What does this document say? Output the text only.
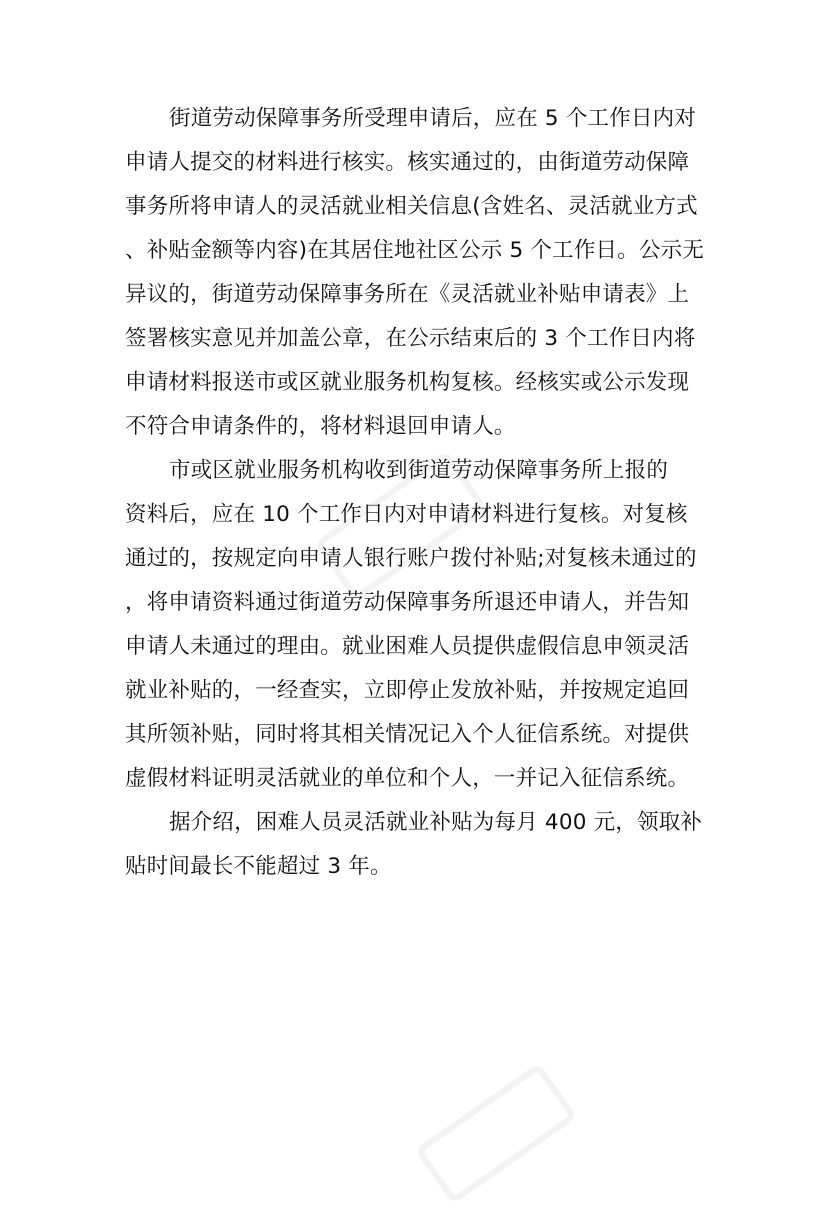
街道劳动保障事务所受理申请后，应在 5 个工作日内对
申请人提交的材料进行核实。核实通过的，由街道劳动保障
事务所将申请人的灵活就业相关信息(含姓名、灵活就业方式
、补贴金额等内容)在其居住地社区公示 5 个工作日。公示无
异议的，街道劳动保障事务所在《灵活就业补贴申请表》上
签署核实意见并加盖公章，在公示结束后的 3 个工作日内将
申请材料报送市或区就业服务机构复核。经核实或公示发现
不符合申请条件的，将材料退回申请人。
市或区就业服务机构收到街道劳动保障事务所上报的
资料后，应在 10 个工作日内对申请材料进行复核。对复核
通过的，按规定向申请人银行账户拨付补贴;对复核未通过的
，将申请资料通过街道劳动保障事务所退还申请人，并告知
申请人未通过的理由。就业困难人员提供虚假信息申领灵活
就业补贴的，一经查实，立即停止发放补贴，并按规定追回
其所领补贴，同时将其相关情况记入个人征信系统。对提供
虚假材料证明灵活就业的单位和个人，一并记入征信系统。
据介绍，困难人员灵活就业补贴为每月 400 元，领取补
贴时间最长不能超过 3 年。
